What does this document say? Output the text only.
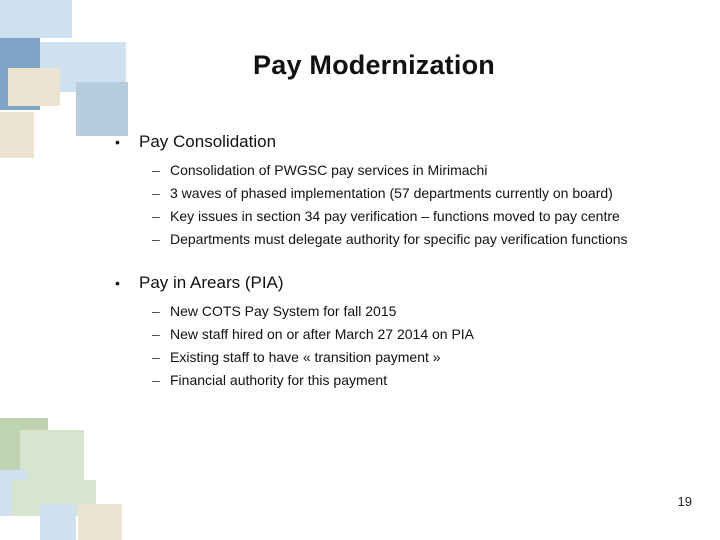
Pay Modernization
•	Pay Consolidation
– Consolidation of PWGSC pay services in Mirimachi
– 3 waves of phased implementation (57 departments currently on board)
– Key issues in section 34 pay verification – functions moved to pay centre
– Departments must delegate authority for specific pay verification functions
•	Pay in Arears (PIA)
– New COTS Pay System for fall 2015
– New staff hired on or after March 27 2014 on PIA
– Existing staff to have « transition payment »
– Financial authority for this payment
19
